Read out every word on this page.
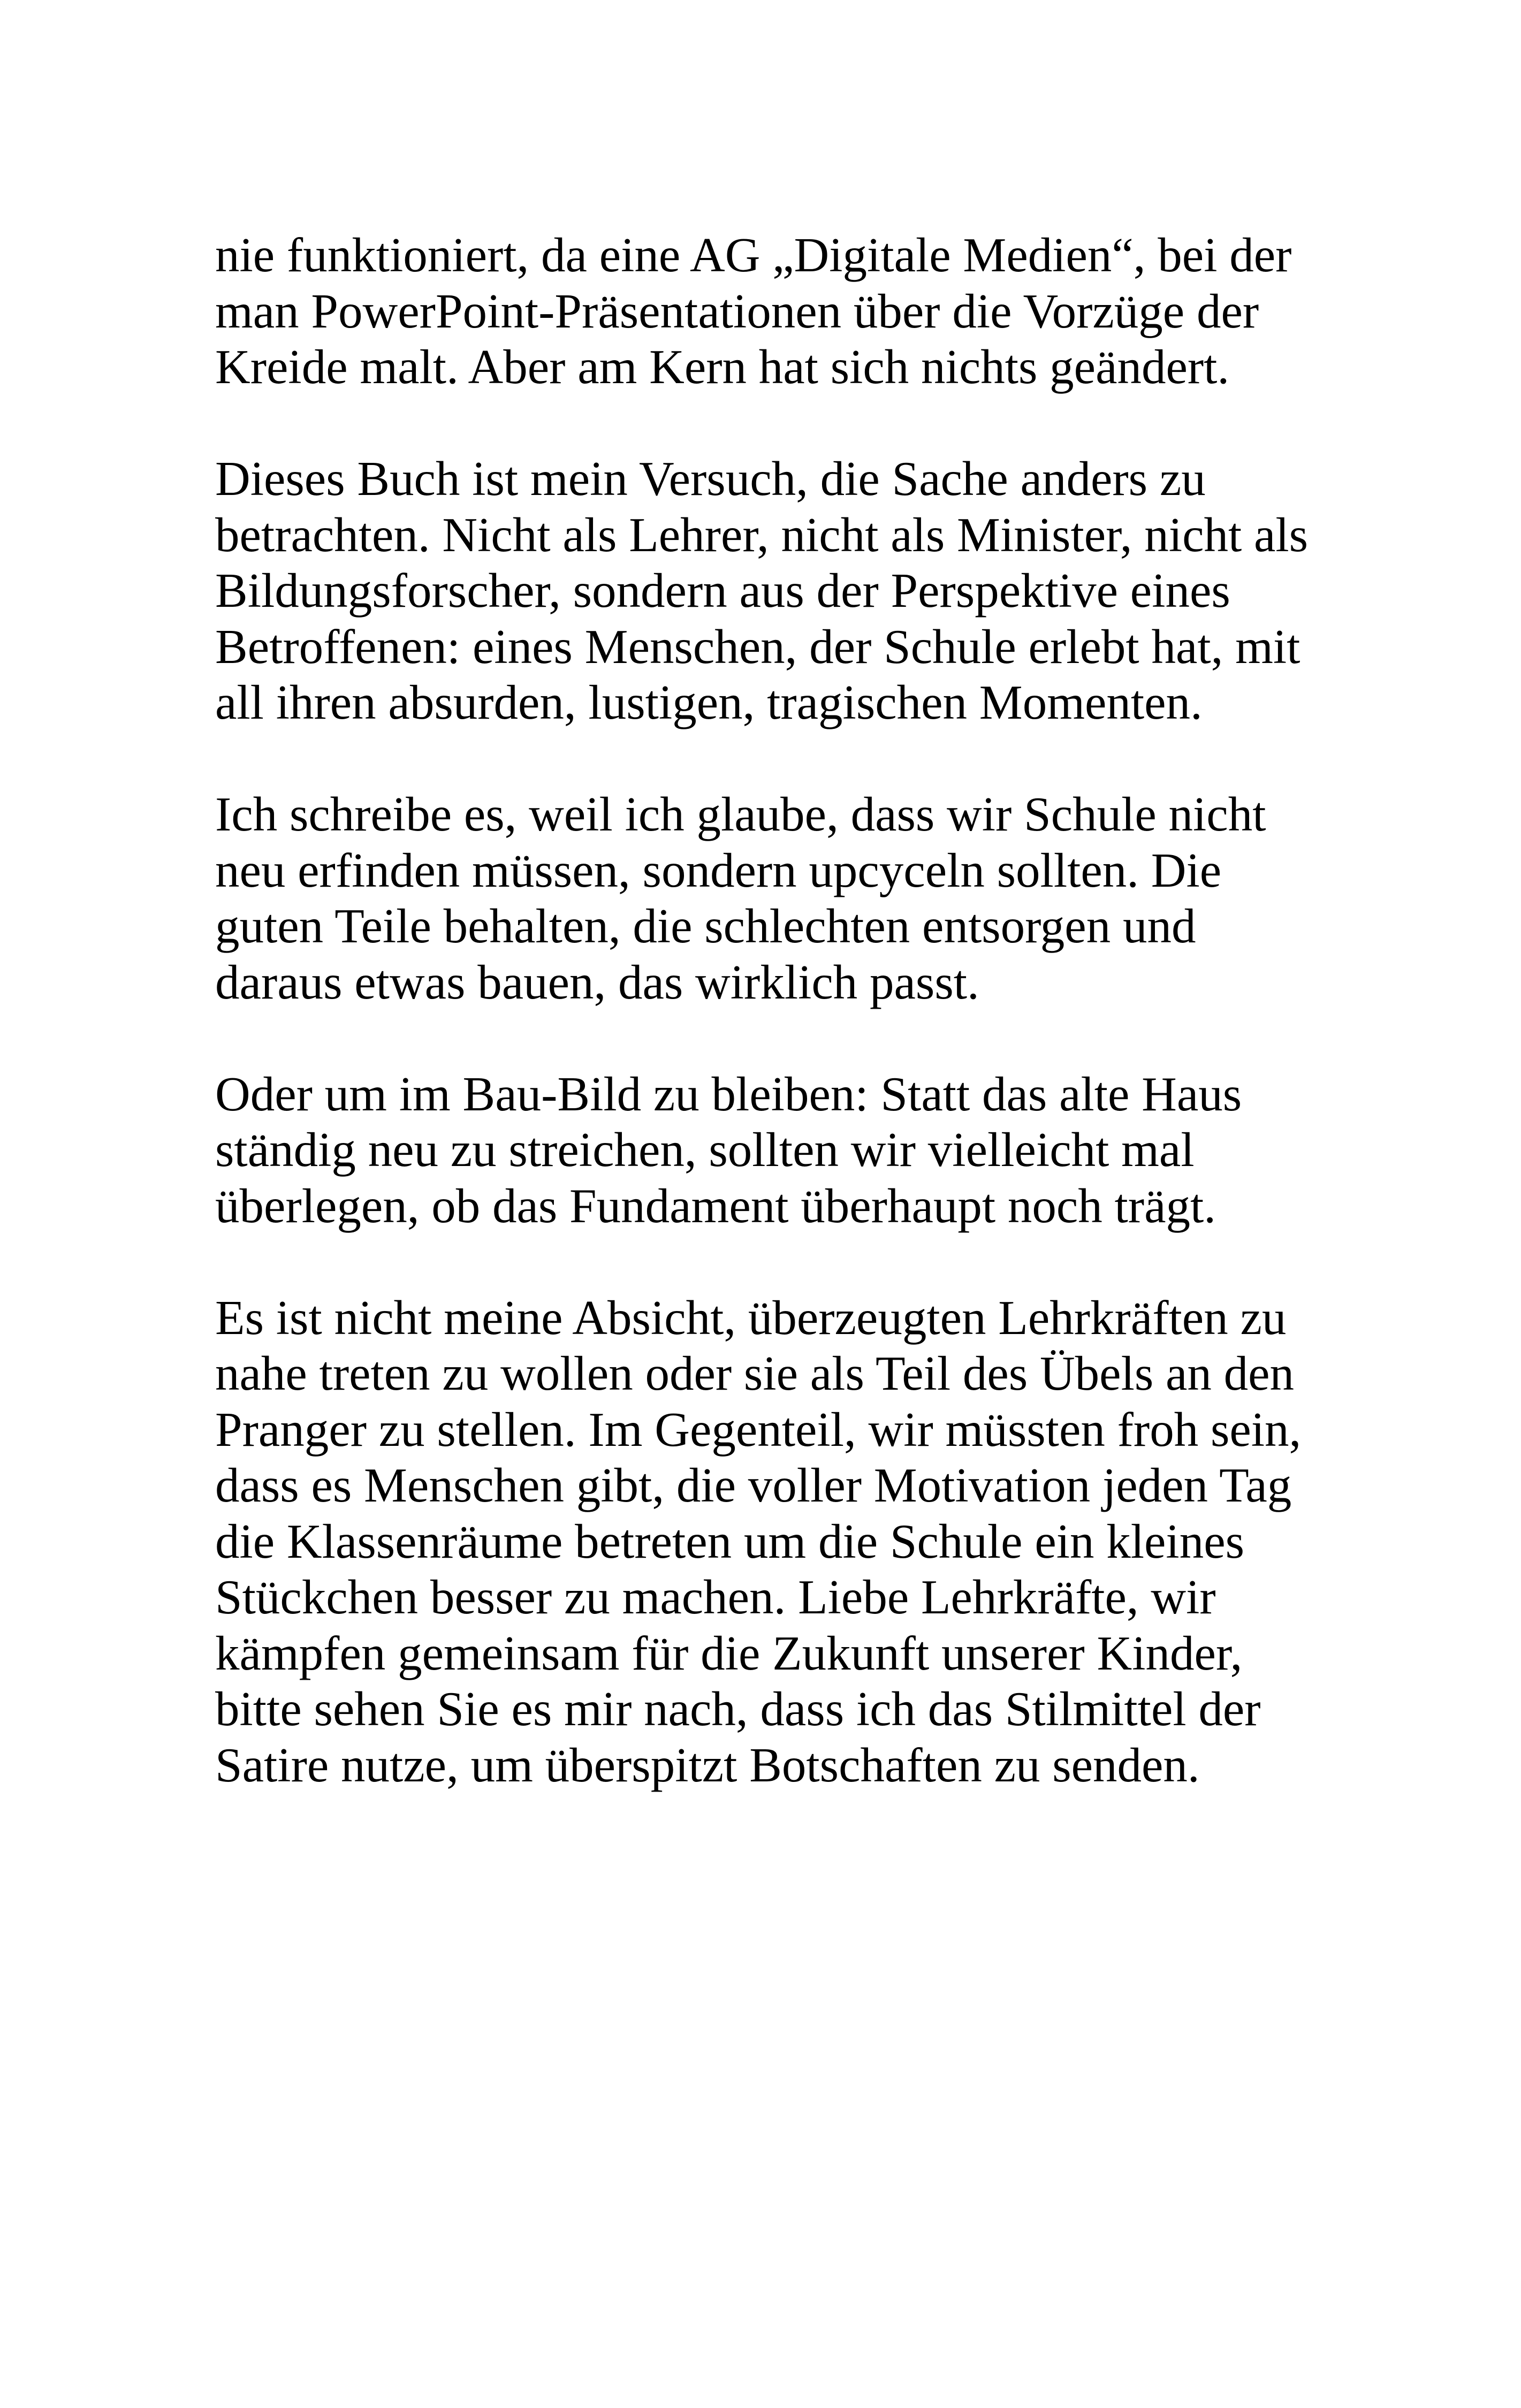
nie funktioniert, da eine AG „Digitale Medien“, bei der
man PowerPoint-Präsentationen über die Vorzüge der
Kreide malt. Aber am Kern hat sich nichts geändert.

Dieses Buch ist mein Versuch, die Sache anders zu
betrachten. Nicht als Lehrer, nicht als Minister, nicht als
Bildungsforscher, sondern aus der Perspektive eines
Betroffenen: eines Menschen, der Schule erlebt hat, mit
all ihren absurden, lustigen, tragischen Momenten.

Ich schreibe es, weil ich glaube, dass wir Schule nicht
neu erfinden müssen, sondern upcyceln sollten. Die
guten Teile behalten, die schlechten entsorgen und
daraus etwas bauen, das wirklich passt.

Oder um im Bau-Bild zu bleiben: Statt das alte Haus
ständig neu zu streichen, sollten wir vielleicht mal
überlegen, ob das Fundament überhaupt noch trägt.

Es ist nicht meine Absicht, überzeugten Lehrkräften zu
nahe treten zu wollen oder sie als Teil des Übels an den
Pranger zu stellen. Im Gegenteil, wir müssten froh sein,
dass es Menschen gibt, die voller Motivation jeden Tag
die Klassenräume betreten um die Schule ein kleines
Stückchen besser zu machen. Liebe Lehrkräfte, wir
kämpfen gemeinsam für die Zukunft unserer Kinder,
bitte sehen Sie es mir nach, dass ich das Stilmittel der
Satire nutze, um überspitzt Botschaften zu senden.
